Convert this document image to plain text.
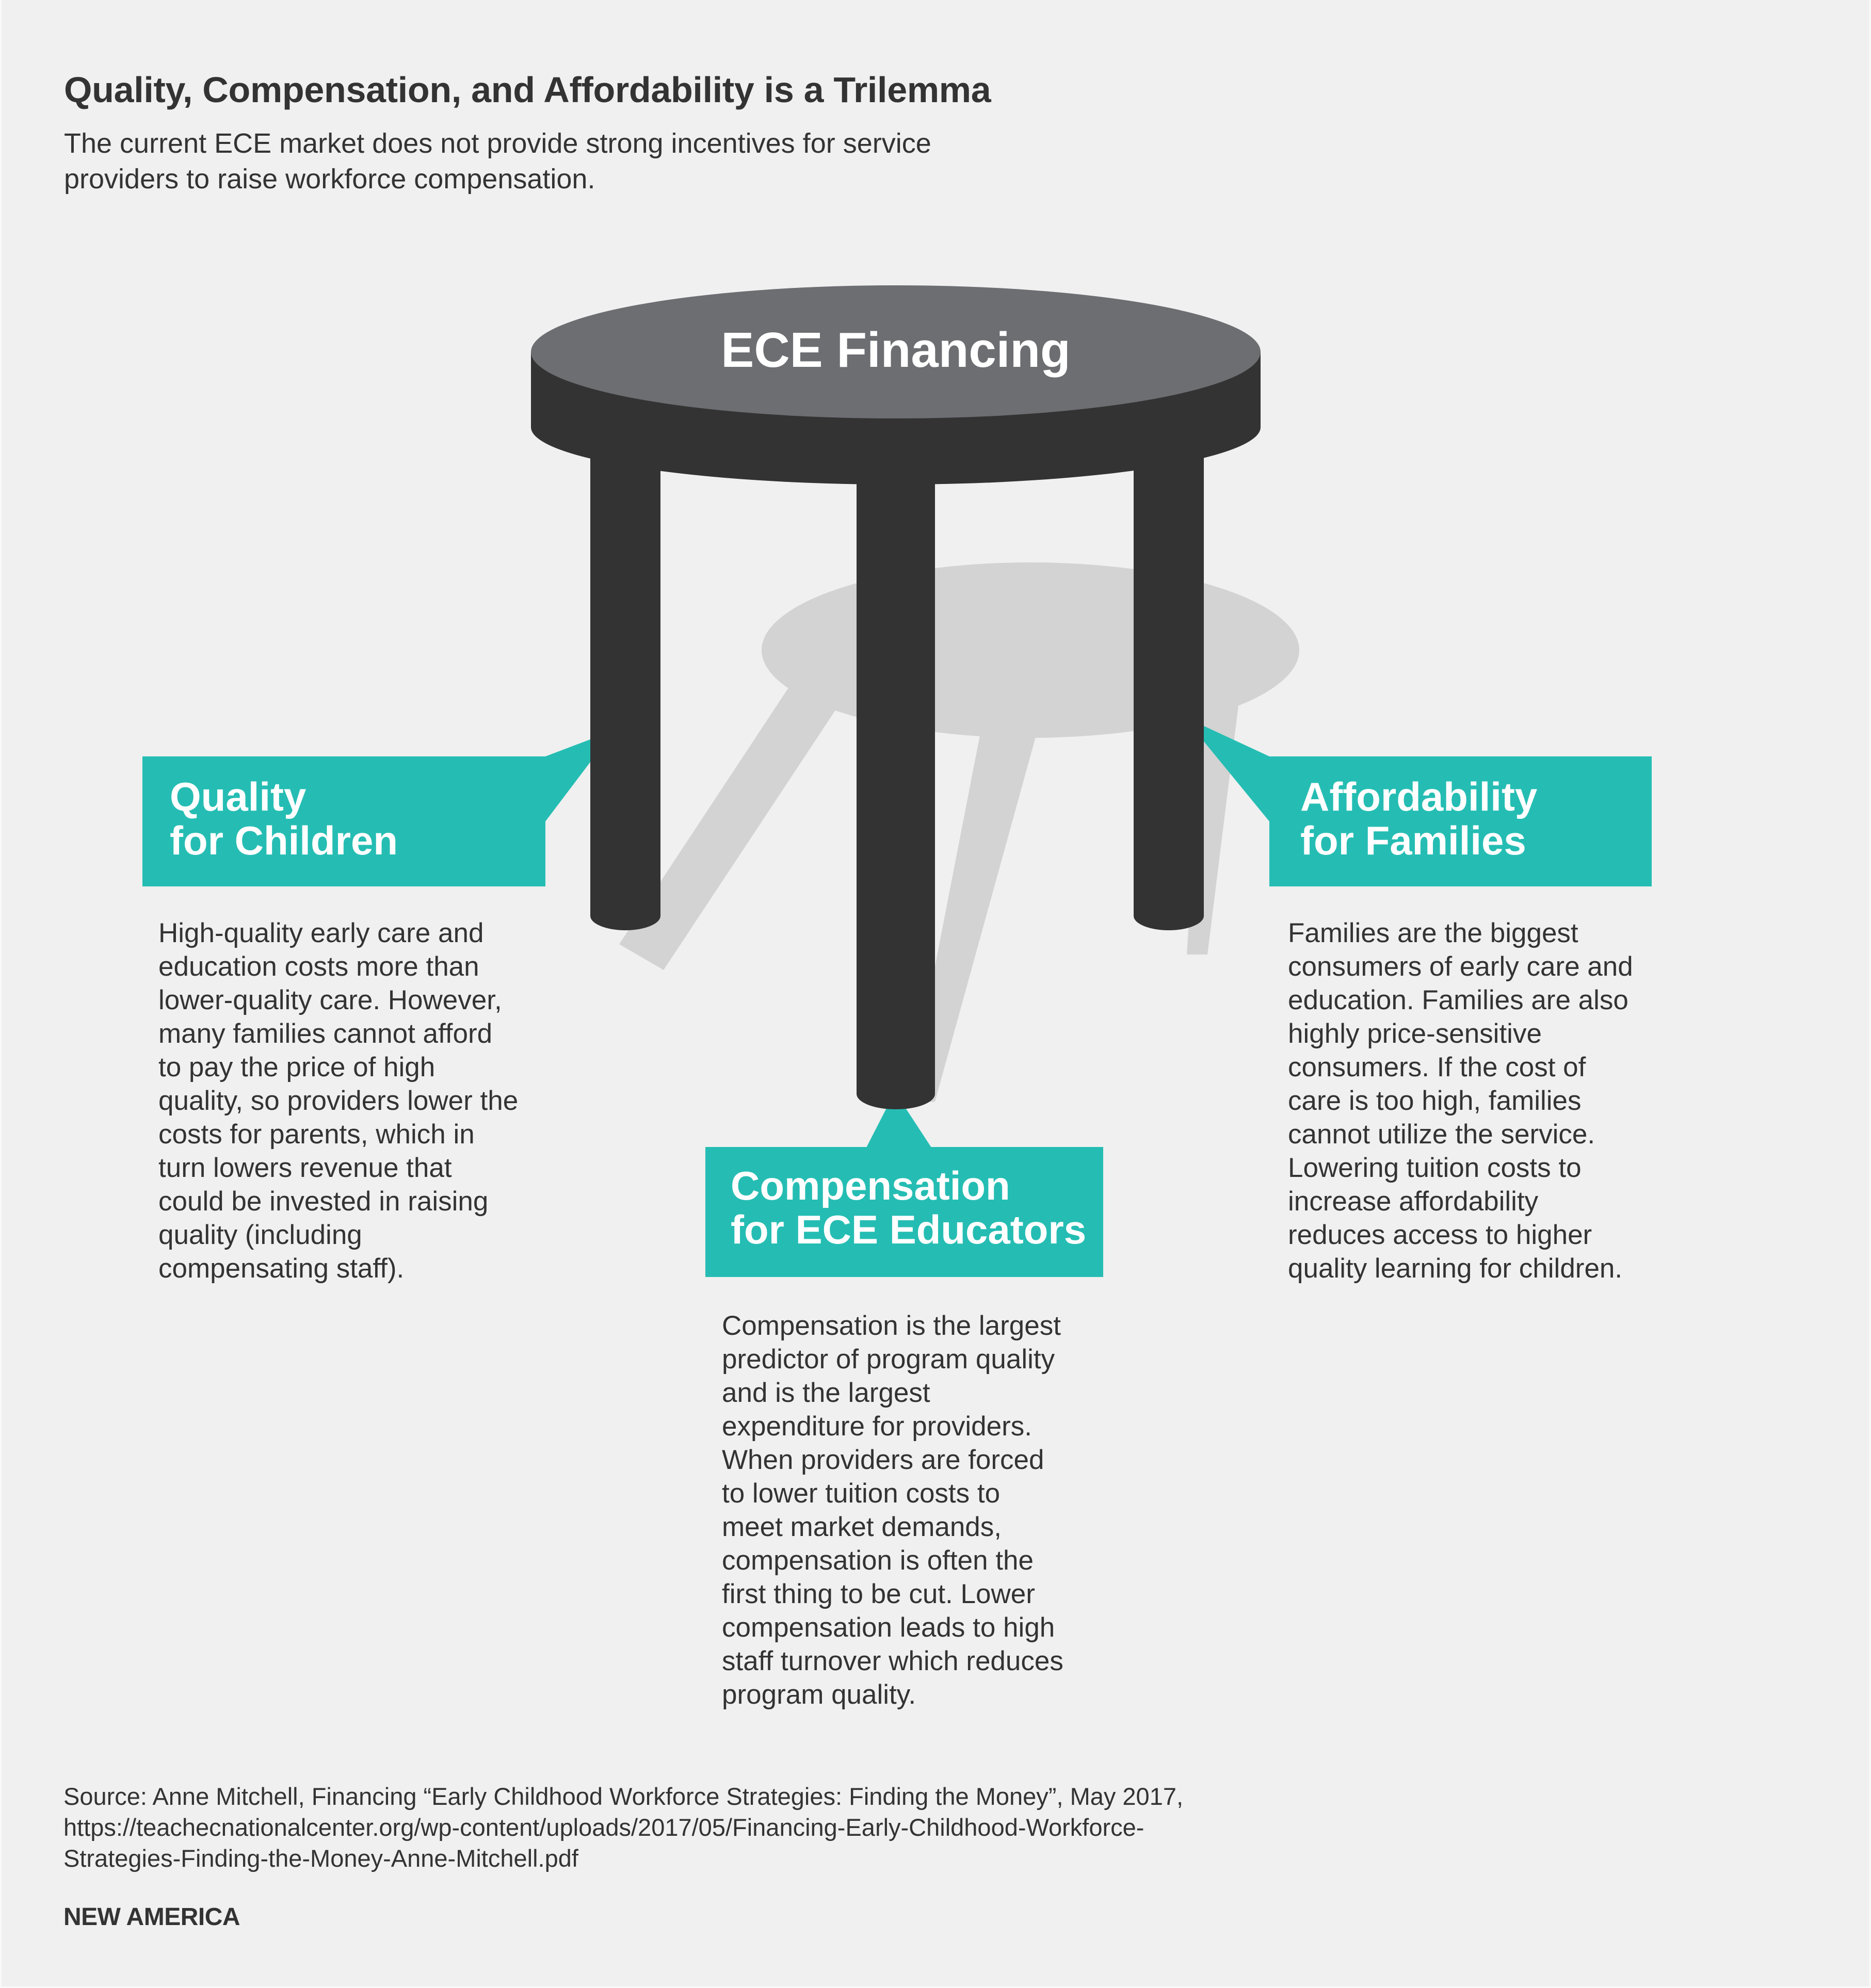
Quality, Compensation, and Affordability is a Trilemma

The current ECE market does not provide strong incentives for service
providers to raise workforce compensation.

ECE Financing
Quality
for Children
High-quality early care and
education costs more than
lower-quality care. However,
many families cannot afford
to pay the price of high
quality, so providers lower the
costs for parents, which in
turn lowers revenue that
could be invested in raising
quality (including
compensating staff).
Compensation
for ECE Educators
Compensation is the largest
predictor of program quality
and is the largest
expenditure for providers.
When providers are forced
to lower tuition costs to
meet market demands,
compensation is often the
first thing to be cut. Lower
compensation leads to high
staff turnover which reduces
program quality.
Affordability
for Families
Families are the biggest
consumers of early care and
education. Families are also
highly price-sensitive
consumers. If the cost of
care is too high, families
cannot utilize the service.
Lowering tuition costs to
increase affordability
reduces access to higher
quality learning for children.
Source: Anne Mitchell, Financing “Early Childhood Workforce Strategies: Finding the Money”, May 2017,
https://teachecnationalcenter.org/wp-content/uploads/2017/05/Financing-Early-Childhood-Workforce-
Strategies-Finding-the-Money-Anne-Mitchell.pdf
NEW AMERICA
